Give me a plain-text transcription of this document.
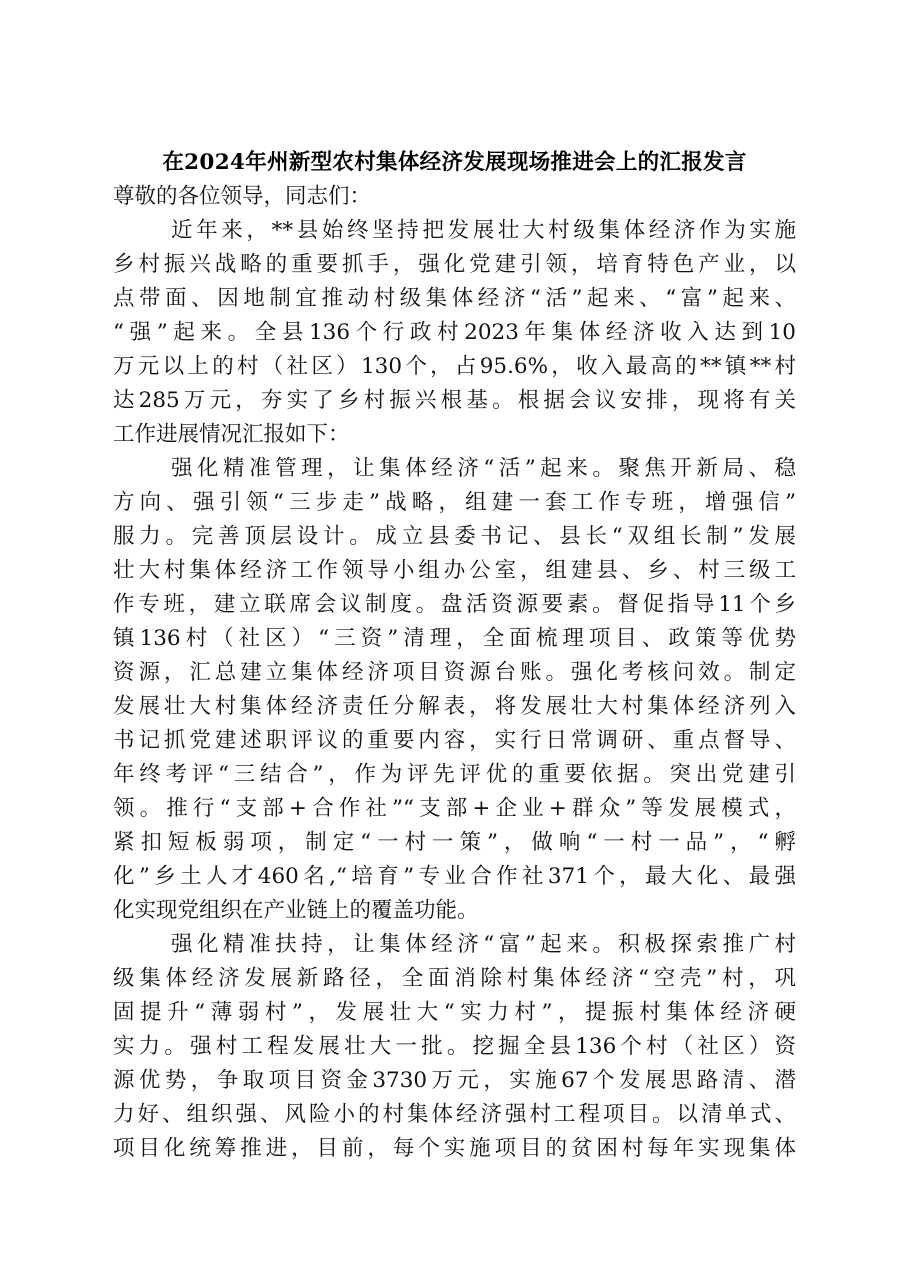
在2024年州新型农村集体经济发展现场推进会上的汇报发言
尊敬的各位领导，同志们：
近年来，**县始终坚持把发展壮大村级集体经济作为实施
乡村振兴战略的重要抓手，强化党建引领，培育特色产业，以
点带面、因地制宜推动村级集体经济“活”起来、“富”起来、
“强”起来。全县136个行政村2023年集体经济收入达到10
万元以上的村（社区）130个，占95.6%，收入最高的**镇**村
达285万元，夯实了乡村振兴根基。根据会议安排，现将有关
工作进展情况汇报如下：
强化精准管理，让集体经济“活”起来。聚焦开新局、稳
方向、强引领“三步走”战略，组建一套工作专班，增强信”
服力。完善顶层设计。成立县委书记、县长“双组长制”发展
壮大村集体经济工作领导小组办公室，组建县、乡、村三级工
作专班，建立联席会议制度。盘活资源要素。督促指导11个乡
镇136村（社区）“三资”清理，全面梳理项目、政策等优势
资源，汇总建立集体经济项目资源台账。强化考核问效。制定
发展壮大村集体经济责任分解表，将发展壮大村集体经济列入
书记抓党建述职评议的重要内容，实行日常调研、重点督导、
年终考评“三结合”，作为评先评优的重要依据。突出党建引
领。推行“支部+合作社”“支部+企业+群众”等发展模式，
紧扣短板弱项，制定“一村一策”，做响“一村一品”，“孵
化”乡土人才460名,“培育”专业合作社371个，最大化、最强
化实现党组织在产业链上的覆盖功能。
强化精准扶持，让集体经济“富”起来。积极探索推广村
级集体经济发展新路径，全面消除村集体经济“空壳”村，巩
固提升“薄弱村”，发展壮大“实力村”，提振村集体经济硬
实力。强村工程发展壮大一批。挖掘全县136个村（社区）资
源优势，争取项目资金3730万元，实施67个发展思路清、潜
力好、组织强、风险小的村集体经济强村工程项目。以清单式、
项目化统筹推进，目前，每个实施项目的贫困村每年实现集体
